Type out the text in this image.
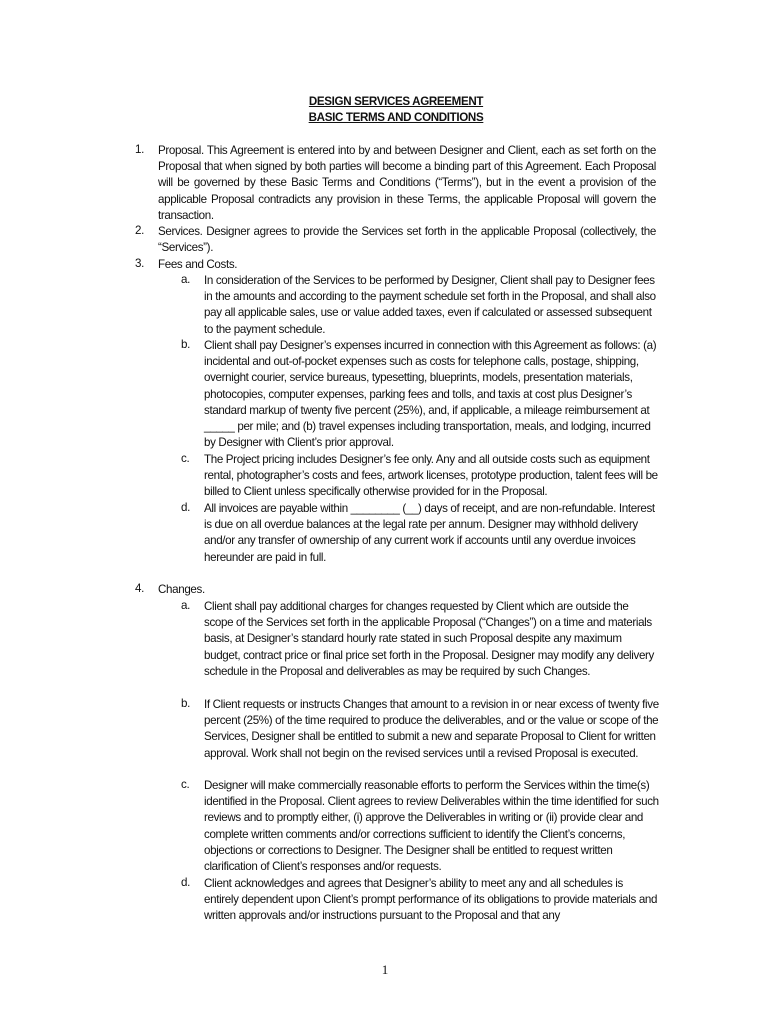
DESIGN SERVICES AGREEMENT
BASIC TERMS AND CONDITIONS
1. Proposal. This Agreement is entered into by and between Designer and Client, each as set forth on the Proposal that when signed by both parties will become a binding part of this Agreement. Each Proposal will be governed by these Basic Terms and Conditions (“Terms”), but in the event a provision of the applicable Proposal contradicts any provision in these Terms, the applicable Proposal will govern the transaction.
2. Services. Designer agrees to provide the Services set forth in the applicable Proposal (collectively, the “Services”).
3. Fees and Costs.
a. In consideration of the Services to be performed by Designer, Client shall pay to Designer fees in the amounts and according to the payment schedule set forth in the Proposal, and shall also pay all applicable sales, use or value added taxes, even if calculated or assessed subsequent to the payment schedule.
b. Client shall pay Designer’s expenses incurred in connection with this Agreement as follows: (a) incidental and out-of-pocket expenses such as costs for telephone calls, postage, shipping, overnight courier, service bureaus, typesetting, blueprints, models, presentation materials, photocopies, computer expenses, parking fees and tolls, and taxis at cost plus Designer’s standard markup of twenty five percent (25%), and, if applicable, a mileage reimbursement at _____ per mile; and (b) travel expenses including transportation, meals, and lodging, incurred by Designer with Client’s prior approval.
c. The Project pricing includes Designer’s fee only. Any and all outside costs such as equipment rental, photographer’s costs and fees, artwork licenses, prototype production, talent fees will be billed to Client unless specifically otherwise provided for in the Proposal.
d. All invoices are payable within ________ (__) days of receipt, and are non-refundable. Interest is due on all overdue balances at the legal rate per annum. Designer may withhold delivery and/or any transfer of ownership of any current work if accounts until any overdue invoices hereunder are paid in full.
4. Changes.
a. Client shall pay additional charges for changes requested by Client which are outside the scope of the Services set forth in the applicable Proposal (“Changes”) on a time and materials basis, at Designer’s standard hourly rate stated in such Proposal despite any maximum budget, contract price or final price set forth in the Proposal. Designer may modify any delivery schedule in the Proposal and deliverables as may be required by such Changes.
b. If Client requests or instructs Changes that amount to a revision in or near excess of twenty five percent (25%) of the time required to produce the deliverables, and or the value or scope of the Services, Designer shall be entitled to submit a new and separate Proposal to Client for written approval. Work shall not begin on the revised services until a revised Proposal is executed.
c. Designer will make commercially reasonable efforts to perform the Services within the time(s) identified in the Proposal. Client agrees to review Deliverables within the time identified for such reviews and to promptly either, (i) approve the Deliverables in writing or (ii) provide clear and complete written comments and/or corrections sufficient to identify the Client’s concerns, objections or corrections to Designer. The Designer shall be entitled to request written clarification of Client’s responses and/or requests.
d. Client acknowledges and agrees that Designer’s ability to meet any and all schedules is entirely dependent upon Client’s prompt performance of its obligations to provide materials and written approvals and/or instructions pursuant to the Proposal and that any
1
